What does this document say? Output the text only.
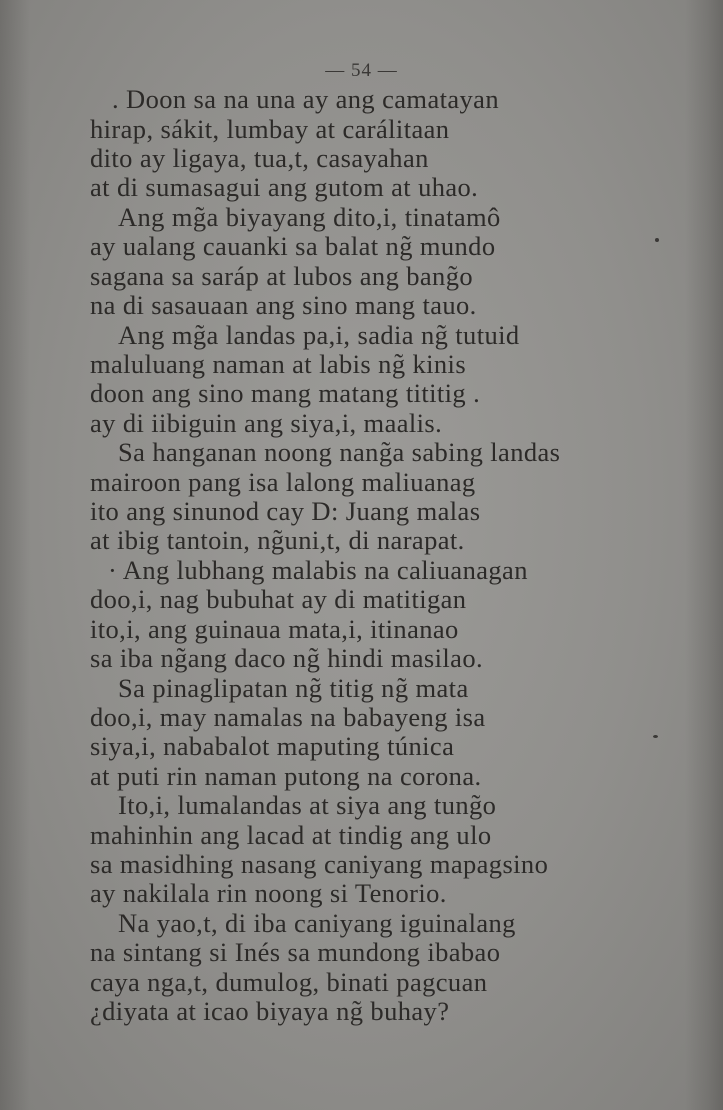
— 54 —
. Doon sa na una ay ang camatayan
hirap, sákit, lumbay at carálitaan
dito ay ligaya, tua,t, casayahan
at di sumasagui ang gutom at uhao.
Ang mg̃a biyayang dito,i, tinatamô
ay ualang cauanki sa balat ng̃ mundo
sagana sa saráp at lubos ang bang̃o
na di sasauaan ang sino mang tauo.
Ang mg̃a landas pa,i, sadia ng̃ tutuid
maluluang naman at labis ng̃ kinis
doon ang sino mang matang tititig .
ay di iibiguin ang siya,i, maalis.
Sa hanganan noong nang̃a sabing landas
mairoon pang isa lalong maliuanag
ito ang sinunod cay D: Juang malas
at ibig tantoin, ng̃uni,t, di narapat.
· Ang lubhang malabis na caliuanagan
doo,i, nag bubuhat ay di matitigan
ito,i, ang guinaua mata,i, itinanao
sa iba ng̃ang daco ng̃ hindi masilao.
Sa pinaglipatan ng̃ titig ng̃ mata
doo,i, may namalas na babayeng isa
siya,i, nababalot maputing túnica
at puti rin naman putong na corona.
Ito,i, lumalandas at siya ang tung̃o
mahinhin ang lacad at tindig ang ulo
sa masidhing nasang caniyang mapagsino
ay nakilala rin noong si Tenorio.
Na yao,t, di iba caniyang iguinalang
na sintang si Inés sa mundong ibabao
caya nga,t, dumulog, binati pagcuan
¿diyata at icao biyaya ng̃ buhay?
